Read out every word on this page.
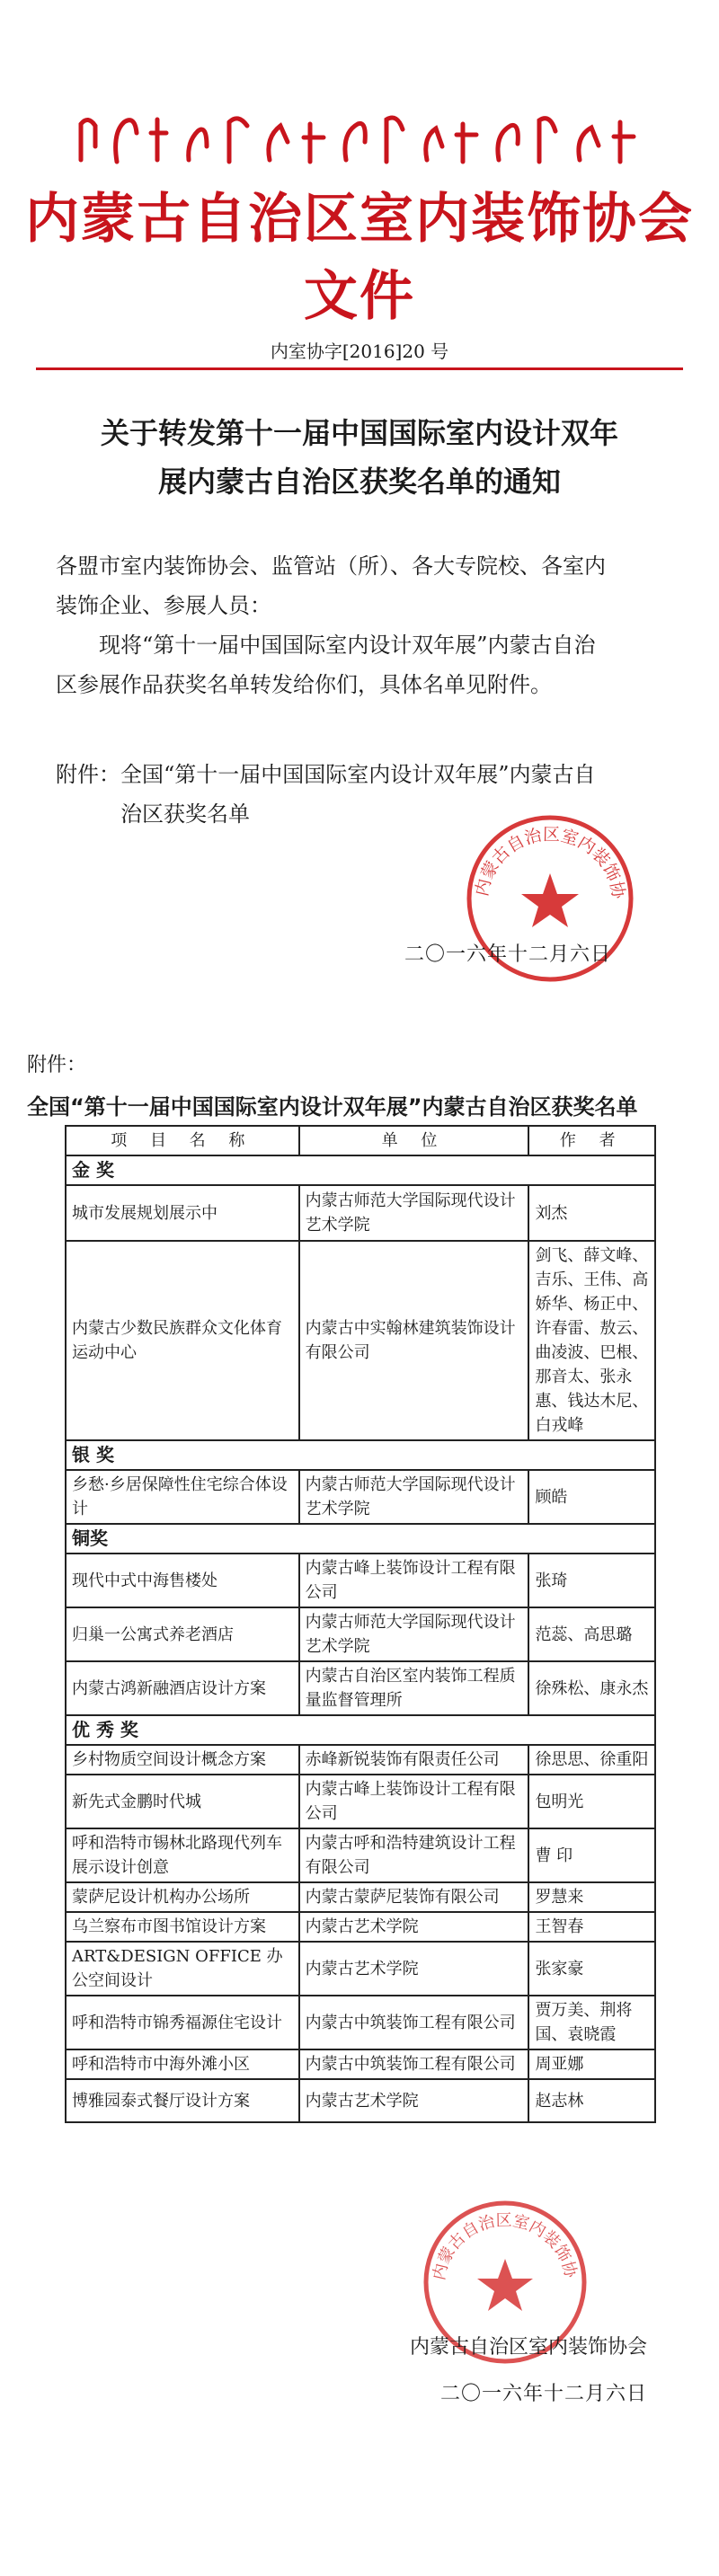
ᠥᠪᠦᠷ ᠮᠣᠩᠭᠣᠯ ᠤᠨ ᠥᠪᠡᠷᠲᠡᠭᠡᠨ ᠵᠠᠰᠠᠬᠤ ᠣᠷᠤᠨ
内蒙古自治区室内装饰协会文件
内室协字[2016]20 号
关于转发第十一届中国国际室内设计双年
展内蒙古自治区获奖名单的通知
各盟市室内装饰协会、监管站（所）、各大专院校、各室内
装饰企业、参展人员：
现将“第十一届中国国际室内设计双年展”内蒙古自治
区参展作品获奖名单转发给你们，具体名单见附件。
附件：全国“第十一届中国国际室内设计双年展”内蒙古自
治区获奖名单
内蒙古自治区室内装饰协
二〇一六年十二月六日
附件：
全国“第十一届中国国际室内设计双年展”内蒙古自治区获奖名单
项 目 名 称	单 位	作 者
金 奖		
城市发展规划展示中	内蒙古师范大学国际现代设计艺术学院	刘杰
内蒙古少数民族群众文化体育运动中心	内蒙古中实翰林建筑装饰设计有限公司	剑飞、薛文峰、吉乐、王伟、高娇华、杨正中、许春雷、敖云、曲凌波、巴根、那音太、张永惠、钱达木尼、白戎峰
银 奖		
乡愁·乡居保障性住宅综合体设计	内蒙古师范大学国际现代设计艺术学院	顾皓
铜奖		
现代中式中海售楼处	内蒙古峰上装饰设计工程有限公司	张琦
归巢一公寓式养老酒店	内蒙古师范大学国际现代设计艺术学院	范蕊、高思璐
内蒙古鸿新融酒店设计方案	内蒙古自治区室内装饰工程质量监督管理所	徐殊松、康永杰
优 秀 奖		
乡村物质空间设计概念方案	赤峰新锐装饰有限责任公司	徐思思、徐重阳
新先式金鹏时代城	内蒙古峰上装饰设计工程有限公司	包明光
呼和浩特市锡林北路现代列车展示设计创意	内蒙古呼和浩特建筑设计工程有限公司	曹 印
蒙萨尼设计机构办公场所	内蒙古蒙萨尼装饰有限公司	罗慧来
乌兰察布市图书馆设计方案	内蒙古艺术学院	王智春
ART&DESIGN OFFICE 办公空间设计	内蒙古艺术学院	张家豪
呼和浩特市锦秀福源住宅设计	内蒙古中筑装饰工程有限公司	贾万美、荆将国、袁晓霞
呼和浩特市中海外滩小区	内蒙古中筑装饰工程有限公司	周亚娜
博雅园泰式餐厅设计方案	内蒙古艺术学院	赵志林
内蒙古自治区室内装饰协
内蒙古自治区室内装饰协会
二〇一六年十二月六日
